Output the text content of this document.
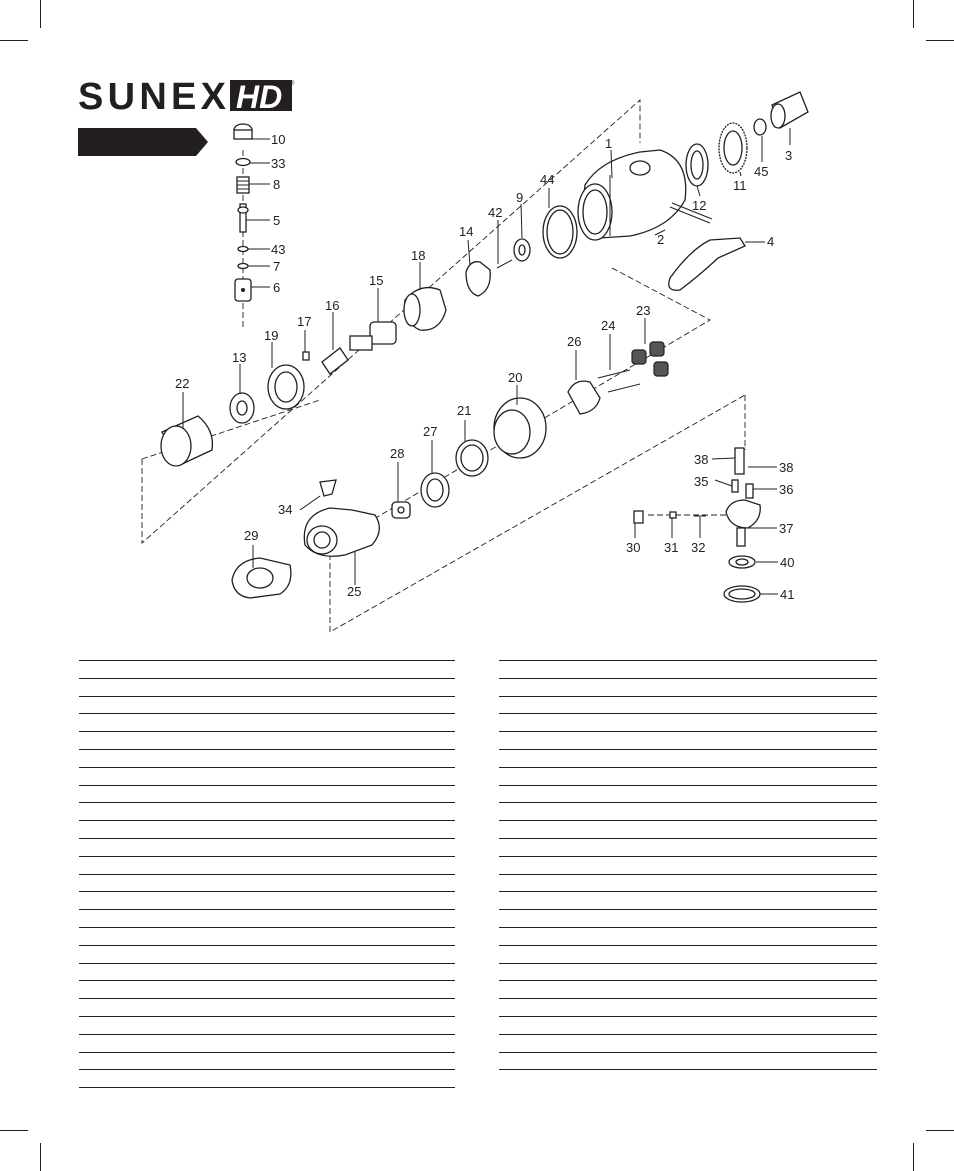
SUNEX HD ®
10
33
8
5
43
7
6
1
3
45
11
12
44
9
42
14
2	4
18
15
16
17
19
13
22
23
24
26
20
21
27
28	38
38
35
36
34
37
29
30 31 32
40
25	41
